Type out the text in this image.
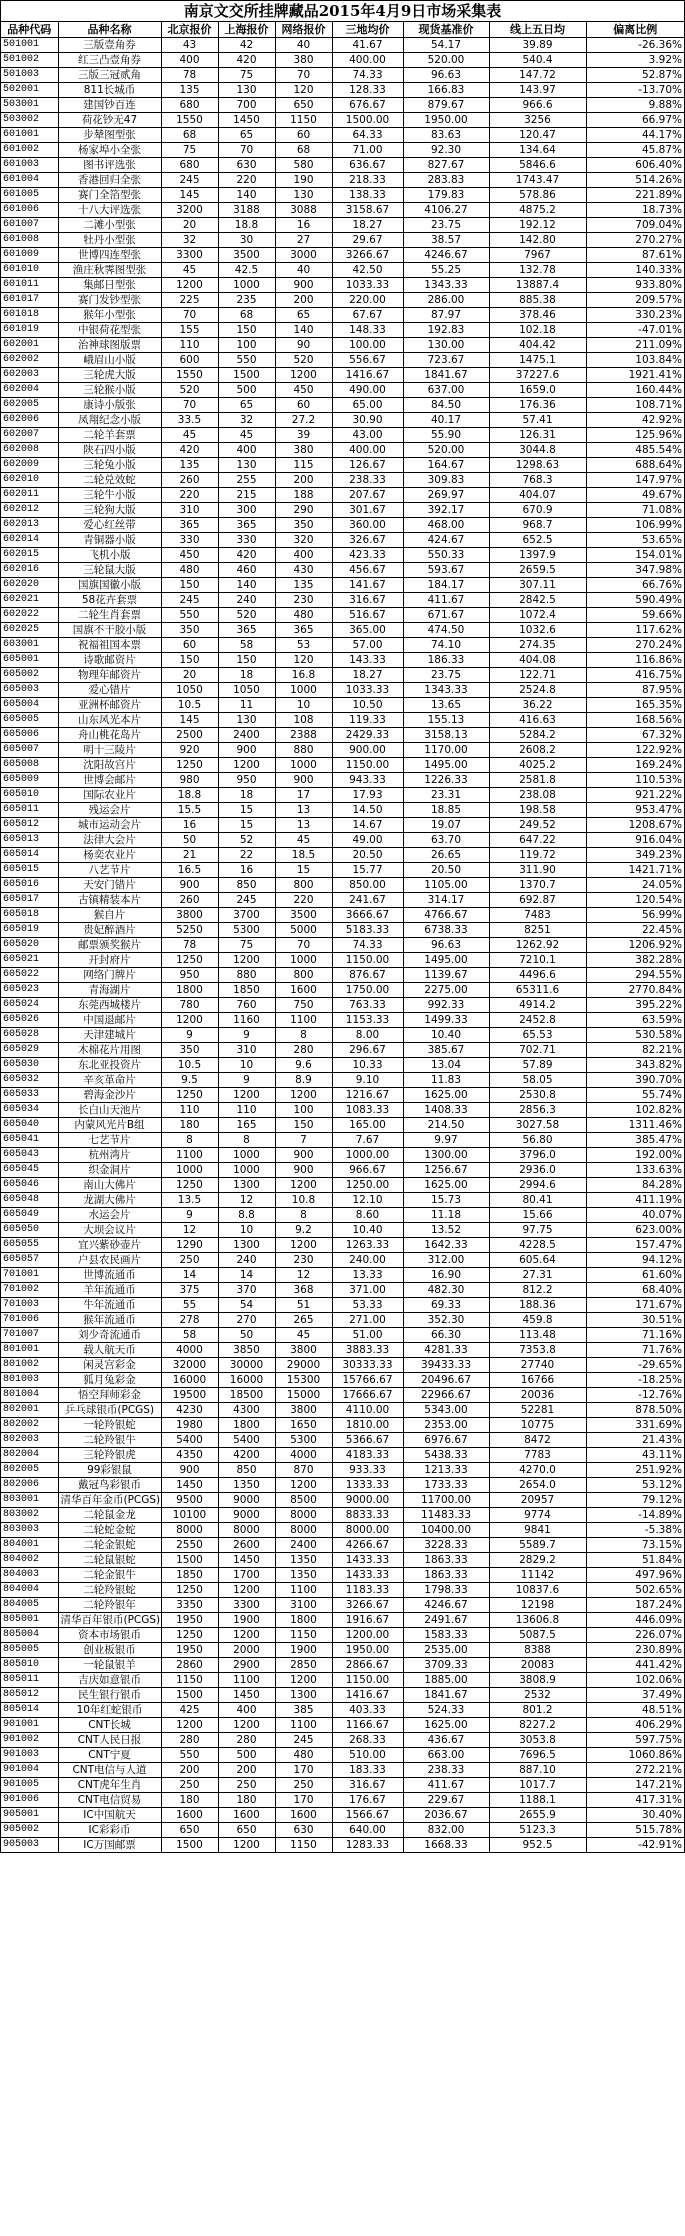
南京文交所挂牌藏品2015年4月9日市场采集表
品种代码	品种名称	北京报价	上海报价	网络报价	三地均价	现货基准价	线上五日均	偏离比例
501001	三版壹角券	43	42	40	41.67	54.17	39.89	-26.36%
501002	红三凸壹角券	400	420	380	400.00	520.00	540.4	3.92%
501003	三版三冠贰角	78	75	70	74.33	96.63	147.72	52.87%
502001	811长城币	135	130	120	128.33	166.83	143.97	-13.70%
503001	建国钞百连	680	700	650	676.67	879.67	966.6	9.88%
503002	荷花钞无47	1550	1450	1150	1500.00	1950.00	3256	66.97%
601001	步辇图型张	68	65	60	64.33	83.63	120.47	44.17%
601002	杨家埠小全张	75	70	68	71.00	92.30	134.64	45.87%
601003	图书评选张	680	630	580	636.67	827.67	5846.6	606.40%
601004	香港回归全张	245	220	190	218.33	283.83	1743.47	514.26%
601005	赛门全箔型张	145	140	130	138.33	179.83	578.86	221.89%
601006	十八大评选张	3200	3188	3088	3158.67	4106.27	4875.2	18.73%
601007	二滩小型张	20	18.8	16	18.27	23.75	192.12	709.04%
601008	牡丹小型张	32	30	27	29.67	38.57	142.80	270.27%
601009	世博四连型张	3300	3500	3000	3266.67	4246.67	7967	87.61%
601010	渔庄秋霁图型张	45	42.5	40	42.50	55.25	132.78	140.33%
601011	集邮日型张	1200	1000	900	1033.33	1343.33	13887.4	933.80%
601017	赛门发钞型张	225	235	200	220.00	286.00	885.38	209.57%
601018	猴年小型张	70	68	65	67.67	87.97	378.46	330.23%
601019	中银荷花型张	155	150	140	148.33	192.83	102.18	-47.01%
602001	治神球图版票	110	100	90	100.00	130.00	404.42	211.09%
602002	峨眉山小版	600	550	520	556.67	723.67	1475.1	103.84%
602003	三轮虎大版	1550	1500	1200	1416.67	1841.67	37227.6	1921.41%
602004	三轮猴小版	520	500	450	490.00	637.00	1659.0	160.44%
602005	康诗小版张	70	65	60	65.00	84.50	176.36	108.71%
602006	凤翔纪念小版	33.5	32	27.2	30.90	40.17	57.41	42.92%
602007	二轮羊套票	45	45	39	43.00	55.90	126.31	125.96%
602008	陕石四小版	420	400	380	400.00	520.00	3044.8	485.54%
602009	三轮兔小版	135	130	115	126.67	164.67	1298.63	688.64%
602010	二轮兑效蛇	260	255	200	238.33	309.83	768.3	147.97%
602011	三轮牛小版	220	215	188	207.67	269.97	404.07	49.67%
602012	三轮狗大版	310	300	290	301.67	392.17	670.9	71.08%
602013	爱心红丝带	365	365	350	360.00	468.00	968.7	106.99%
602014	青铜器小版	330	330	320	326.67	424.67	652.5	53.65%
602015	飞机小版	450	420	400	423.33	550.33	1397.9	154.01%
602016	三轮鼠大版	480	460	430	456.67	593.67	2659.5	347.98%
602020	国旗国徽小版	150	140	135	141.67	184.17	307.11	66.76%
602021	58花卉套票	245	240	230	316.67	411.67	2842.5	590.49%
602022	二轮生肖套票	550	520	480	516.67	671.67	1072.4	59.66%
602025	国旗不干胶小版	350	365	365	365.00	474.50	1032.6	117.62%
603001	祝福祖国本票	60	58	53	57.00	74.10	274.35	270.24%
605001	诗歌邮资片	150	150	120	143.33	186.33	404.08	116.86%
605002	物理年邮资片	20	18	16.8	18.27	23.75	122.71	416.75%
605003	爱心错片	1050	1050	1000	1033.33	1343.33	2524.8	87.95%
605004	亚洲杯邮资片	10.5	11	10	10.50	13.65	36.22	165.35%
605005	山东风光本片	145	130	108	119.33	155.13	416.63	168.56%
605006	舟山桃花岛片	2500	2400	2388	2429.33	3158.13	5284.2	67.32%
605007	明十三陵片	920	900	880	900.00	1170.00	2608.2	122.92%
605008	沈阳故宫片	1250	1200	1000	1150.00	1495.00	4025.2	169.24%
605009	世博会邮片	980	950	900	943.33	1226.33	2581.8	110.53%
605010	国际农业片	18.8	18	17	17.93	23.31	238.08	921.22%
605011	残运会片	15.5	15	13	14.50	18.85	198.58	953.47%
605012	城市运动会片	16	15	13	14.67	19.07	249.52	1208.67%
605013	法律大会片	50	52	45	49.00	63.70	647.22	916.04%
605014	杨奕农业片	21	22	18.5	20.50	26.65	119.72	349.23%
605015	八艺节片	16.5	16	15	15.77	20.50	311.90	1421.71%
605016	天安门错片	900	850	800	850.00	1105.00	1370.7	24.05%
605017	古镇精装本片	260	245	220	241.67	314.17	692.87	120.54%
605018	猴自片	3800	3700	3500	3666.67	4766.67	7483	56.99%
605019	贵妃醉酒片	5250	5300	5000	5183.33	6738.33	8251	22.45%
605020	邮票颁奖猴片	78	75	70	74.33	96.63	1262.92	1206.92%
605021	开封府片	1250	1200	1000	1150.00	1495.00	7210.1	382.28%
605022	网络门牌片	950	880	800	876.67	1139.67	4496.6	294.55%
605023	青海湖片	1800	1850	1600	1750.00	2275.00	65311.6	2770.84%
605024	东莞西城楼片	780	760	750	763.33	992.33	4914.2	395.22%
605026	中国退邮片	1200	1160	1100	1153.33	1499.33	2452.8	63.59%
605028	天津建城片	9	9	8	8.00	10.40	65.53	530.58%
605029	木棉花片用图	350	310	280	296.67	385.67	702.71	82.21%
605030	东北亚投资片	10.5	10	9.6	10.33	13.04	57.89	343.82%
605032	辛亥革命片	9.5	9	8.9	9.10	11.83	58.05	390.70%
605033	碧海金沙片	1250	1200	1200	1216.67	1625.00	2530.8	55.74%
605034	长白山天池片	110	110	100	1083.33	1408.33	2856.3	102.82%
605040	内蒙风光片B组	180	165	150	165.00	214.50	3027.58	1311.46%
605041	七艺节片	8	8	7	7.67	9.97	56.80	385.47%
605043	杭州湾片	1100	1000	900	1000.00	1300.00	3796.0	192.00%
605045	织金洞片	1000	1000	900	966.67	1256.67	2936.0	133.63%
605046	南山大佛片	1250	1300	1200	1250.00	1625.00	2994.6	84.28%
605048	龙湖大佛片	13.5	12	10.8	12.10	15.73	80.41	411.19%
605049	水运会片	9	8.8	8	8.60	11.18	15.66	40.07%
605050	大坝会议片	12	10	9.2	10.40	13.52	97.75	623.00%
605055	宜兴紫砂壶片	1290	1300	1200	1263.33	1642.33	4228.5	157.47%
605057	户县农民画片	250	240	230	240.00	312.00	605.64	94.12%
701001	世博流通币	14	14	12	13.33	16.90	27.31	61.60%
701002	羊年流通币	375	370	368	371.00	482.30	812.2	68.40%
701003	牛年流通币	55	54	51	53.33	69.33	188.36	171.67%
701006	猴年流通币	278	270	265	271.00	352.30	459.8	30.51%
701007	刘少奇流通币	58	50	45	51.00	66.30	113.48	71.16%
801001	载人航天币	4000	3850	3800	3883.33	4281.33	7353.8	71.76%
801002	闲灵宫彩金	32000	30000	29000	30333.33	39433.33	27740	-29.65%
801003	狐月兔彩金	16000	16000	15300	15766.67	20496.67	16766	-18.25%
801004	悟空拜师彩金	19500	18500	15000	17666.67	22966.67	20036	-12.76%
802001	乒乓球银币(PCGS)	4230	4300	3800	4110.00	5343.00	52281	878.50%
802002	一轮羚银蛇	1980	1800	1650	1810.00	2353.00	10775	331.69%
802003	二轮羚银牛	5400	5400	5300	5366.67	6976.67	8472	21.43%
802004	三轮羚银虎	4350	4200	4000	4183.33	5438.33	7783	43.11%
802005	99彩银鼠	900	850	870	933.33	1213.33	4270.0	251.92%
802006	戴冠鸟彩银币	1450	1350	1200	1333.33	1733.33	2654.0	53.12%
803001	清华百年金币(PCGS)	9500	9000	8500	9000.00	11700.00	20957	79.12%
803002	二轮鼠金龙	10100	9000	8000	8833.33	11483.33	9774	-14.89%
803003	二轮蛇金蛇	8000	8000	8000	8000.00	10400.00	9841	-5.38%
804001	二轮金银蛇	2550	2600	2400	4266.67	3228.33	5589.7	73.15%
804002	二轮鼠银蛇	1500	1450	1350	1433.33	1863.33	2829.2	51.84%
804003	二轮金银牛	1850	1700	1350	1433.33	1863.33	11142	497.96%
804004	二轮羚银蛇	1250	1200	1100	1183.33	1798.33	10837.6	502.65%
804005	二轮羚银年	3350	3300	3100	3266.67	4246.67	12198	187.24%
805001	清华百年银币(PCGS)	1950	1900	1800	1916.67	2491.67	13606.8	446.09%
805004	资本市场银币	1250	1200	1150	1200.00	1583.33	5087.5	226.07%
805005	创业板银币	1950	2000	1900	1950.00	2535.00	8388	230.89%
805010	一轮鼠银羊	2860	2900	2850	2866.67	3709.33	20083	441.42%
805011	吉庆如意银币	1150	1100	1200	1150.00	1885.00	3808.9	102.06%
805012	民生银行银币	1500	1450	1300	1416.67	1841.67	2532	37.49%
805014	10年红蛇银币	425	400	385	403.33	524.33	801.2	48.51%
901001	CNT长城	1200	1200	1100	1166.67	1625.00	8227.2	406.29%
901002	CNT人民日报	280	280	245	268.33	436.67	3053.8	597.75%
901003	CNT宁夏	550	500	480	510.00	663.00	7696.5	1060.86%
901004	CNT电信与人道	200	200	170	183.33	238.33	887.10	272.21%
901005	CNT虎年生肖	250	250	250	316.67	411.67	1017.7	147.21%
901006	CNT电信贸易	180	180	170	176.67	229.67	1188.1	417.31%
905001	IC中国航天	1600	1600	1600	1566.67	2036.67	2655.9	30.40%
905002	IC彩彩币	650	650	630	640.00	832.00	5123.3	515.78%
905003	IC万国邮票	1500	1200	1150	1283.33	1668.33	952.5	-42.91%
